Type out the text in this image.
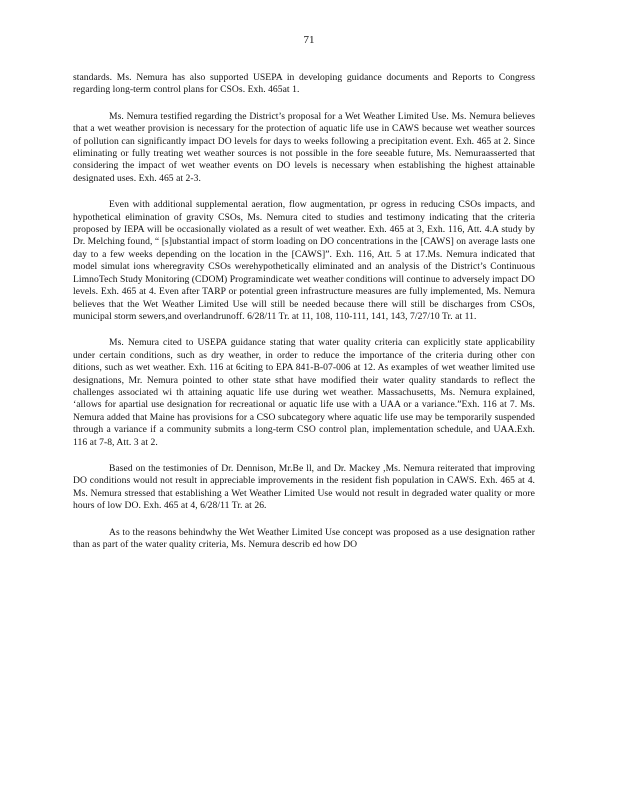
71

standards. Ms. Nemura has also supported USEPA in developing guidance documents and Reports to Congress regarding long-term control plans for CSOs. Exh. 465at 1.

Ms. Nemura testified regarding the District’s proposal for a Wet Weather Limited Use. Ms. Nemura believes that a wet weather provision is necessary for the protection of aquatic life use in CAWS because wet weather sources of pollution can significantly impact DO levels for days to weeks following a precipitation event. Exh. 465 at 2. Since eliminating or fully treating wet weather sources is not possible in the fore seeable future, Ms. Nemuraasserted that considering the impact of wet weather events on DO levels is necessary when establishing the highest attainable designated uses. Exh. 465 at 2-3.

Even with additional supplemental aeration, flow augmentation, pr ogress in reducing CSOs impacts, and hypothetical elimination of gravity CSOs, Ms. Nemura cited to studies and testimony indicating that the criteria proposed by IEPA will be occasionally violated as a result of wet weather. Exh. 465 at 3, Exh. 116, Att. 4.A study by Dr. Melching found, “ [s]ubstantial impact of storm loading on DO concentrations in the [CAWS] on average lasts one day to a few weeks depending on the location in the [CAWS]”. Exh. 116, Att. 5 at 17.Ms. Nemura indicated that model simulat ions wheregravity CSOs werehypothetically eliminated and an analysis of the District’s Continuous LimnoTech Study Monitoring (CDOM) Programindicate wet weather conditions will continue to adversely impact DO levels. Exh. 465 at 4. Even after TARP or potential green infrastructure measures are fully implemented, Ms. Nemura believes that the Wet Weather Limited Use will still be needed because there will still be discharges from CSOs, municipal storm sewers,and overlandrunoff. 6/28/11 Tr. at 11, 108, 110-111, 141, 143, 7/27/10 Tr. at 11.

Ms. Nemura cited to USEPA guidance stating that water quality criteria can explicitly state applicability under certain conditions, such as dry weather, in order to reduce the importance of the criteria during other con ditions, such as wet weather. Exh. 116 at 6citing to EPA 841-B-07-006 at 12. As examples of wet weather limited use designations, Mr. Nemura pointed to other state sthat have modified their water quality standards to reflect the challenges associated wi th attaining aquatic life use during wet weather. Massachusetts, Ms. Nemura explained, ‘allows for apartial use designation for recreational or aquatic life use with a UAA or a variance.”Exh. 116 at 7. Ms. Nemura added that Maine has provisions for a CSO subcategory where aquatic life use may be temporarily suspended through a variance if a community submits a long-term CSO control plan, implementation schedule, and UAA.Exh. 116 at 7-8, Att. 3 at 2.

Based on the testimonies of Dr. Dennison, Mr.Be ll, and Dr. Mackey ,Ms. Nemura reiterated that improving DO conditions would not result in appreciable improvements in the resident fish population in CAWS. Exh. 465 at 4. Ms. Nemura stressed that establishing a Wet Weather Limited Use would not result in degraded water quality or more hours of low DO. Exh. 465 at 4, 6/28/11 Tr. at 26.

As to the reasons behindwhy the Wet Weather Limited Use concept was proposed as a use designation rather than as part of the water quality criteria, Ms. Nemura describ ed how DO
